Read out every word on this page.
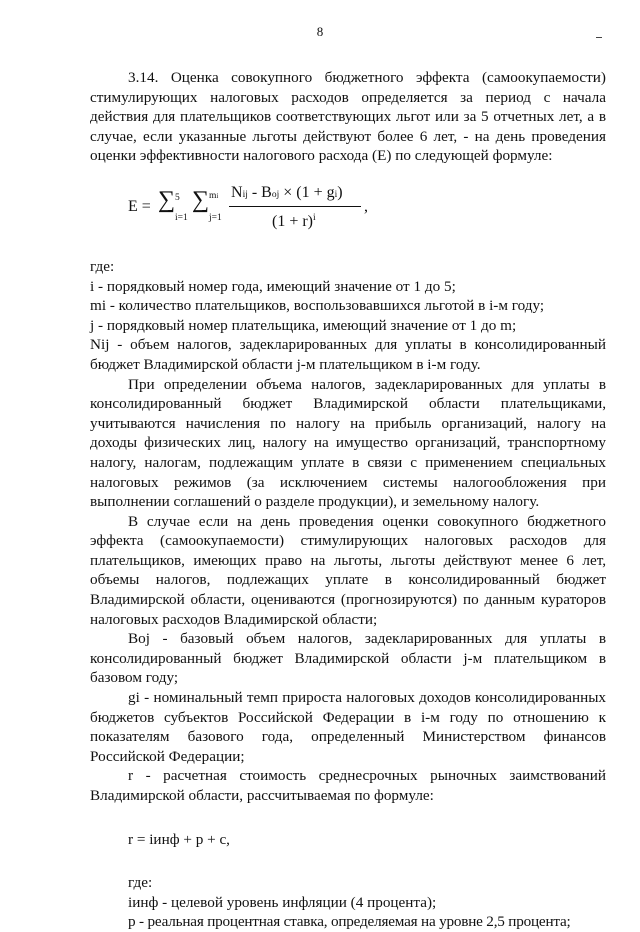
8

3.14. Оценка совокупного бюджетного эффекта (самоокупаемости) стимулирующих налоговых расходов определяется за период с начала действия для плательщиков соответствующих льгот или за 5 отчетных лет, а в случае, если указанные льготы действуют более 6 лет, - на день проведения оценки эффективности налогового расхода (E) по следующей формуле:

E = ∑ 5
i=1
∑ mi
j=1
Nij - Boj × (1 + gi)
$(1 + r)^i$
,

где:

i - порядковый номер года, имеющий значение от 1 до 5;

mi - количество плательщиков, воспользовавшихся льготой в i-м году;

j - порядковый номер плательщика, имеющий значение от 1 до m;

Nij - объем налогов, задекларированных для уплаты в консолидированный бюджет Владимирской области j-м плательщиком в i-м году.

При определении объема налогов, задекларированных для уплаты в консолидированный бюджет Владимирской области плательщиками, учитываются начисления по налогу на прибыль организаций, налогу на доходы физических лиц, налогу на имущество организаций, транспортному налогу, налогам, подлежащим уплате в связи с применением специальных налоговых режимов (за исключением системы налогообложения при выполнении соглашений о разделе продукции), и земельному налогу.

В случае если на день проведения оценки совокупного бюджетного эффекта (самоокупаемости) стимулирующих налоговых расходов для плательщиков, имеющих право на льготы, льготы действуют менее 6 лет, объемы налогов, подлежащих уплате в консолидированный бюджет Владимирской области, оцениваются (прогнозируются) по данным кураторов налоговых расходов Владимирской области;

Boj - базовый объем налогов, задекларированных для уплаты в консолидированный бюджет Владимирской области j-м плательщиком в базовом году;

gi - номинальный темп прироста налоговых доходов консолидированных бюджетов субъектов Российской Федерации в i-м году по отношению к показателям базового года, определенный Министерством финансов Российской Федерации;

r - расчетная стоимость среднесрочных рыночных заимствований Владимирской области, рассчитываемая по формуле:

r = iинф + p + c,

где:

iинф - целевой уровень инфляции (4 процента);

p - реальная процентная ставка, определяемая на уровне 2,5 процента;
